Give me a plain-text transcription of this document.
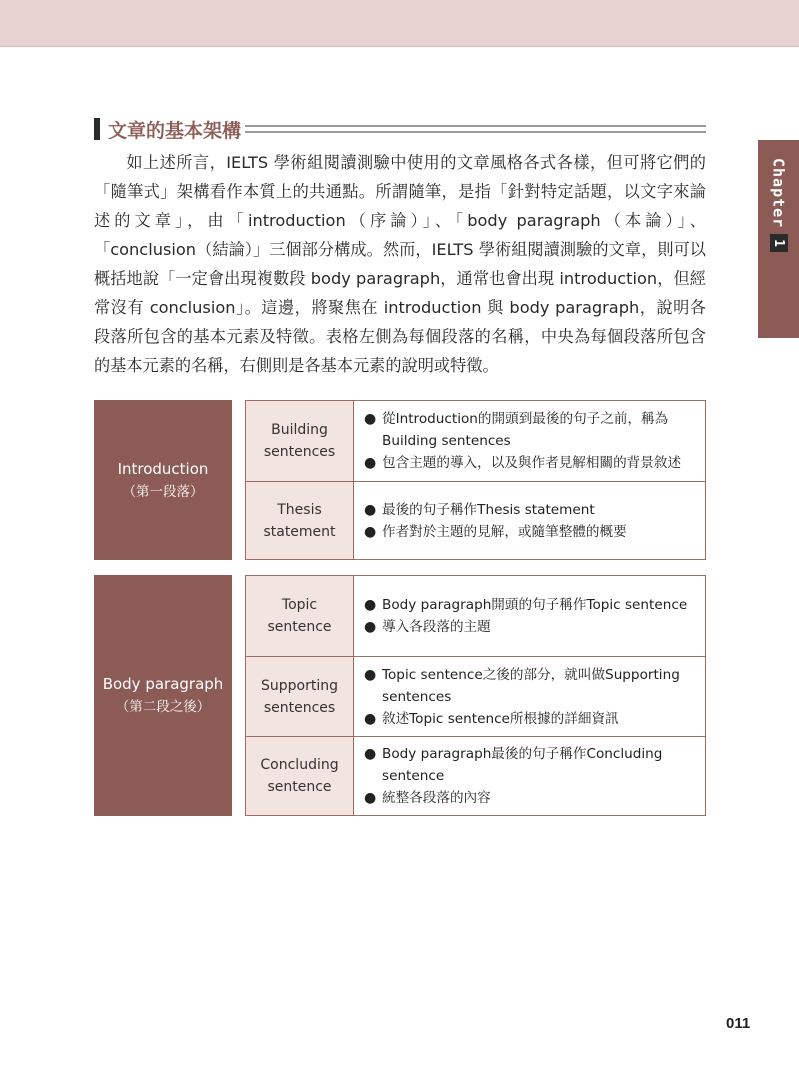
Chapter
1
文章的基本架構

如上述所言，IELTS 學術組閱讀測驗中使用的文章風格各式各樣，但可將它們的「隨筆式」架構看作本質上的共通點。所謂隨筆，是指「針對特定話題，以文字來論述的文章」，由「introduction（序論）」、「body paragraph（本論）」、「conclusion（結論）」三個部分構成。然而，IELTS 學術組閱讀測驗的文章，則可以概括地說「一定會出現複數段 body paragraph，通常也會出現 introduction，但經常沒有 conclusion」。這邊，將聚焦在 introduction 與 body paragraph，說明各段落所包含的基本元素及特徵。表格左側為每個段落的名稱，中央為每個段落所包含的基本元素的名稱，右側則是各基本元素的說明或特徵。

Introduction
（第一段落）
Building
sentences
● 從Introduction的開頭到最後的句子之前，稱為Building sentences
● 包含主題的導入，以及與作者見解相關的背景敘述
Thesis
statement
● 最後的句子稱作Thesis statement
● 作者對於主題的見解，或隨筆整體的概要
Body paragraph
（第二段之後）
Topic
sentence
● Body paragraph開頭的句子稱作Topic sentence
● 導入各段落的主題
Supporting
sentences
● Topic sentence之後的部分，就叫做Supporting sentences
● 敘述Topic sentence所根據的詳細資訊
Concluding
sentence
● Body paragraph最後的句子稱作Concluding sentence
● 統整各段落的內容
011
